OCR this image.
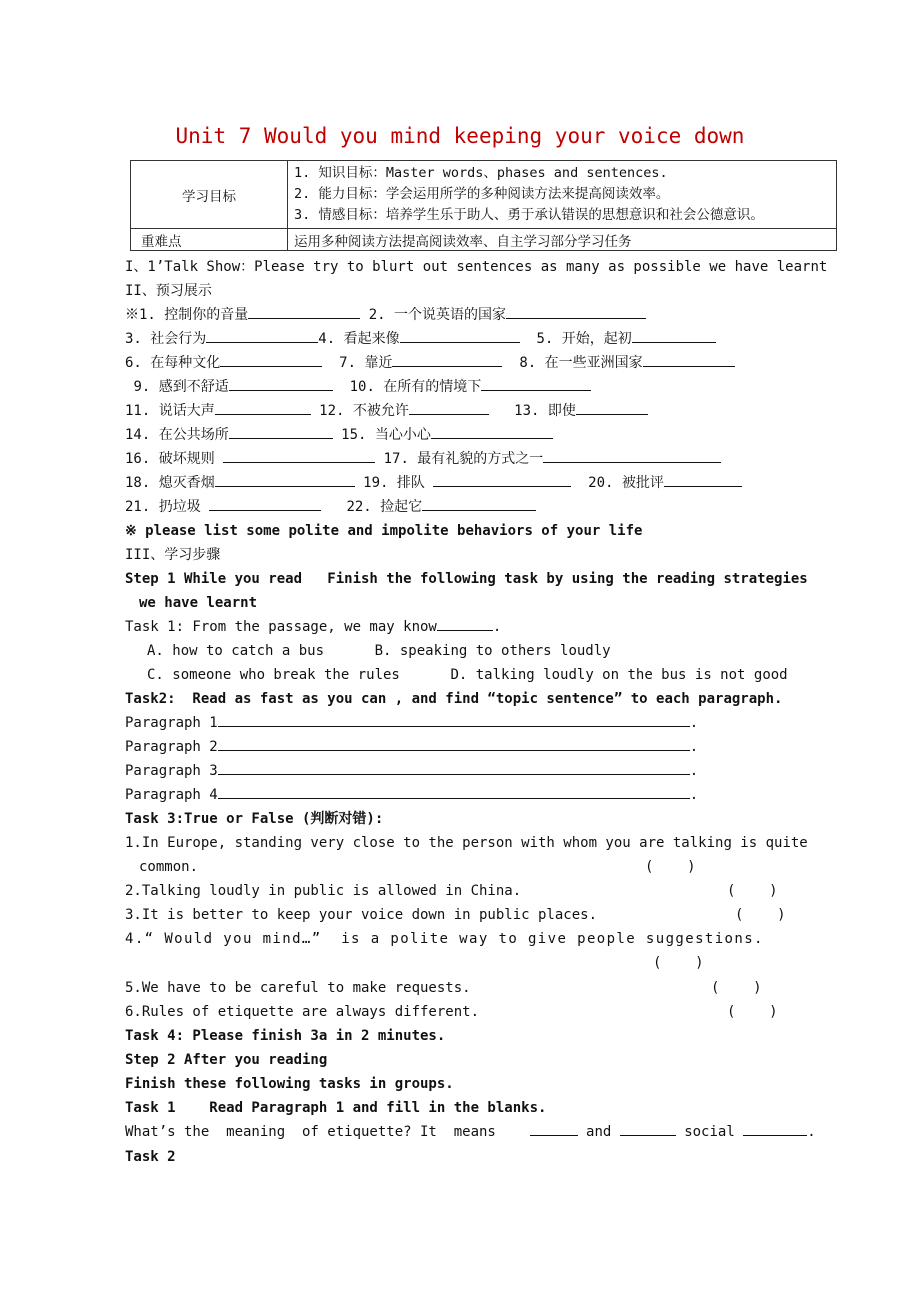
Unit 7 Would you mind keeping your voice down
学习目标	1. 知识目标：Master words、phases and sentences.
2. 能力目标：学会运用所学的多种阅读方法来提高阅读效率。
3. 情感目标：培养学生乐于助人、勇于承认错误的思想意识和社会公德意识。

重难点	运用多种阅读方法提高阅读效率、自主学习部分学习任务
I、1’Talk Show：Please try to blurt out sentences as many as possible we have learnt
II、预习展示
※1. 控制你的音量	2. 一个说英语的国家
3. 社会行为	4. 看起来像	5. 开始，起初
6. 在每种文化	7. 靠近	8. 在一些亚洲国家
9. 感到不舒适	10. 在所有的情境下
11. 说话大声	12. 不被允许	13. 即使
14. 在公共场所	15. 当心小心
16. 破坏规则	17. 最有礼貌的方式之一
18. 熄灭香烟	19. 排队	20. 被批评
21. 扔垃圾	22. 捡起它
※ please list some polite and impolite behaviors of your life
III、学习步骤
Step 1 While you read   Finish the following task by using the reading strategies
we have learnt
Task 1: From the passage, we may know	.
A. how to catch a bus	B. speaking to others loudly
C. someone who break the rules	D. talking loudly on the bus is not good
Task2:  Read as fast as you can , and find “topic sentence” to each paragraph.
Paragraph 1	.
Paragraph 2	.
Paragraph 3	.
Paragraph 4	.
Task 3:True or False (判断对错):
1.In Europe, standing very close to the person with whom you are talking is quite
common.	(    )
2.Talking loudly in public is allowed in China.	(    )
3.It is better to keep your voice down in public places.	(    )
4.“ Would you mind…”  is a polite way to give people suggestions.
(    )
5.We have to be careful to make requests.	(    )
6.Rules of etiquette are always different.	(    )
Task 4: Please finish 3a in 2 minutes.
Step 2 After you reading
Finish these following tasks in groups.
Task 1    Read Paragraph 1 and fill in the blanks.
What’s the  meaning  of etiquette? It  means	and	social	.
Task 2
